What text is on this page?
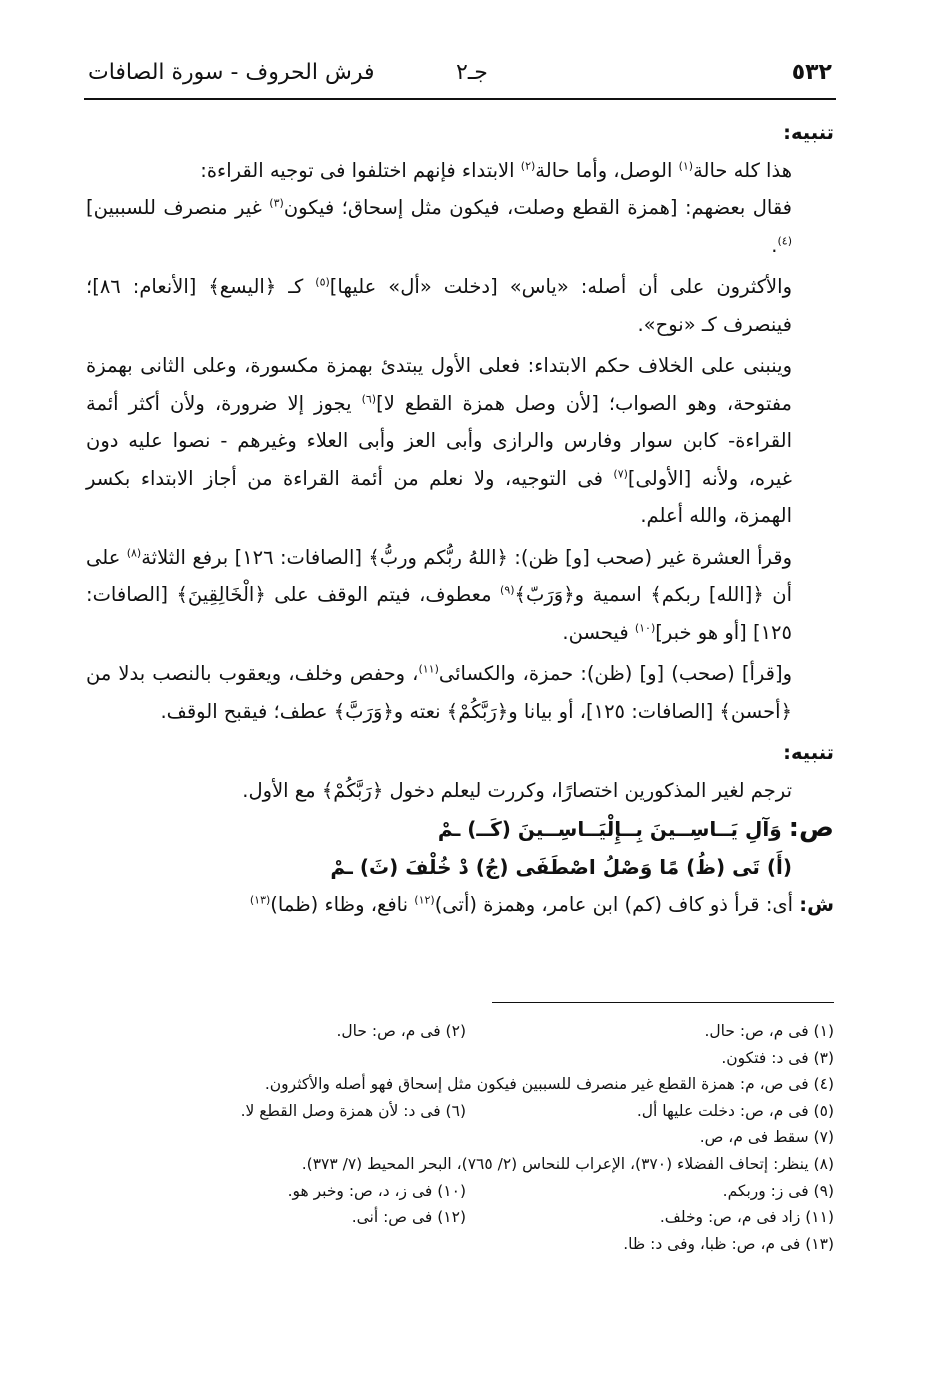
٥٣٢
جـ٢
فرش الحروف - سورة الصافات

تنبيه:

هذا كله حالة$^{(١)}$ الوصل، وأما حالة$^{(٢)}$ الابتداء فإنهم اختلفوا فى توجيه القراءة:

فقال بعضهم: [همزة القطع وصلت، فيكون مثل إسحاق؛ فيكون$^{(٣)}$ غير منصرف للسببين]$^{(٤)}$.

والأكثرون على أن أصله: «ياس» [دخلت «أل» عليها]$^{(٥)}$ كـ ﴿اليسع﴾ [الأنعام: ٨٦]؛ فينصرف كـ «نوح».

وينبنى على الخلاف حكم الابتداء: فعلى الأول يبتدئ بهمزة مكسورة، وعلى الثانى بهمزة مفتوحة، وهو الصواب؛ [لأن وصل همزة القطع لا]$^{(٦)}$ يجوز إلا ضرورة، ولأن أكثر أئمة القراءة- كابن سوار وفارس والرازى وأبى العز وأبى العلاء وغيرهم - نصوا عليه دون غيره، ولأنه [الأولى]$^{(٧)}$ فى التوجيه، ولا نعلم من أئمة القراءة من أجاز الابتداء بكسر الهمزة، والله أعلم.

وقرأ العشرة غير (صحب [و] ظن): ﴿اللهُ ربُّكم وربُّ﴾ [الصافات: ١٢٦] برفع الثلاثة$^{(٨)}$ على أن ﴿[الله] ربكم﴾ اسمية و﴿وَرَبّ﴾$^{(٩)}$ معطوف، فيتم الوقف على ﴿الْخَالِقِينَ﴾ [الصافات: ١٢٥] [أو هو خبر]$^{(١٠)}$ فيحسن.

و[قرأ] (صحب) [و] (ظن): حمزة، والكسائى$^{(١١)}$، وحفص وخلف، ويعقوب بالنصب بدلا من ﴿أحسن﴾ [الصافات: ١٢٥]، أو بيانا و﴿رَبَّكُمْ﴾ نعته و﴿وَرَبَّ﴾ عطف؛ فيقبح الوقف.

تنبيه:

ترجم لغير المذكورين اختصارًا، وكررت ليعلم دخول ﴿رَبَّكُمْ﴾ مع الأول.

ص: وَآلِ يَــاسِــينَ بِــإِلْيَــاسِــينَ (كَــ) ـمْ

(أَ) تَى (ظُ) مًا وَصْلُ اصْطَفَى (جُ) دْ خُلْفَ (ثَ) ـمْ

ش: أى: قرأ ذو كاف (كم) ابن عامر، وهمزة (أتى)$^{(١٢)}$ نافع، وظاء (ظما)$^{(١٣)}$

(١) فى م، ص: حال.(٢) فى م، ص: حال.
(٣) فى د: فتكون.
(٤) فى ص، م: همزة القطع غير منصرف للسببين فيكون مثل إسحاق فهو أصله والأكثرون.
(٥) فى م، ص: دخلت عليها أل.(٦) فى د: لأن همزة وصل القطع لا.
(٧) سقط فى م، ص.
(٨) ينظر: إتحاف الفضلاء (٣٧٠)، الإعراب للنحاس (٢/ ٧٦٥)، البحر المحيط (٧/ ٣٧٣).
(٩) فى ز: وربكم.(١٠) فى ز، د، ص: وخبر هو.
(١١) زاد فى م، ص: وخلف.(١٢) فى ص: أنى.
(١٣) فى م، ص: ظبا، وفى د: ظا.
